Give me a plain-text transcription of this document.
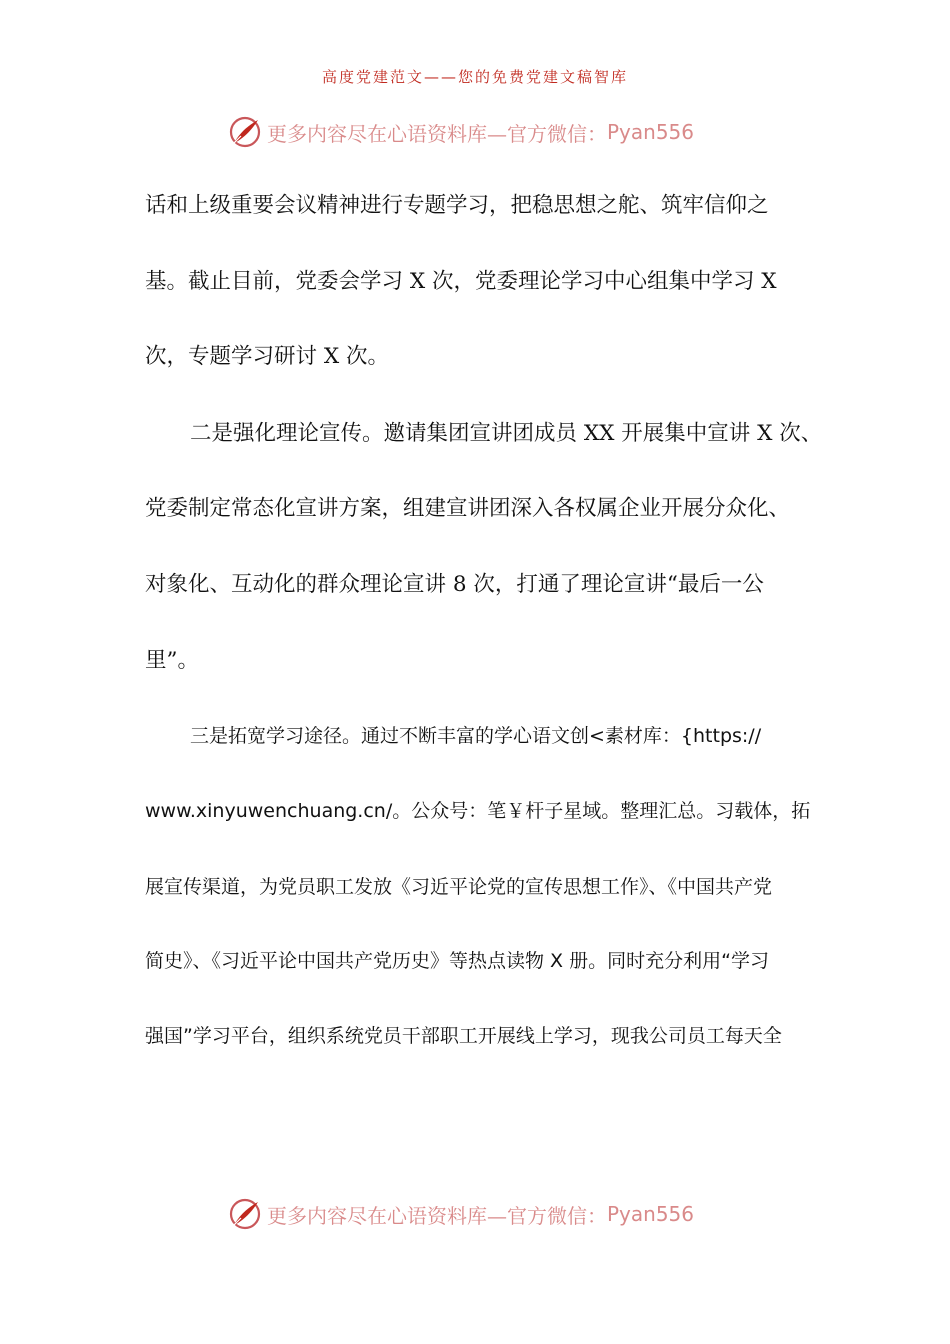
高度党建范文——您的免费党建文稿智库
更多内容尽在心语资料库—官方微信： Pyan556
话和上级重要会议精神进行专题学习，把稳思想之舵、筑牢信仰之
基。截止目前，党委会学习 X 次，党委理论学习中心组集中学习 X
次，专题学习研讨 X 次。
二是强化理论宣传。邀请集团宣讲团成员 XX 开展集中宣讲 X 次、
党委制定常态化宣讲方案，组建宣讲团深入各权属企业开展分众化、
对象化、互动化的群众理论宣讲 8 次，打通了理论宣讲“最后一公
里”。
三是拓宽学习途径。通过不断丰富的学心语文创<素材库：{https://
www.xinyuwenchuang.cn/。公众号：笔￥杆子星域。整理汇总。习载体，拓
展宣传渠道，为党员职工发放《习近平论党的宣传思想工作》、《中国共产党
简史》、《习近平论中国共产党历史》等热点读物 X 册。同时充分利用“学习
强国”学习平台，组织系统党员干部职工开展线上学习，现我公司员工每天全
更多内容尽在心语资料库—官方微信： Pyan556
